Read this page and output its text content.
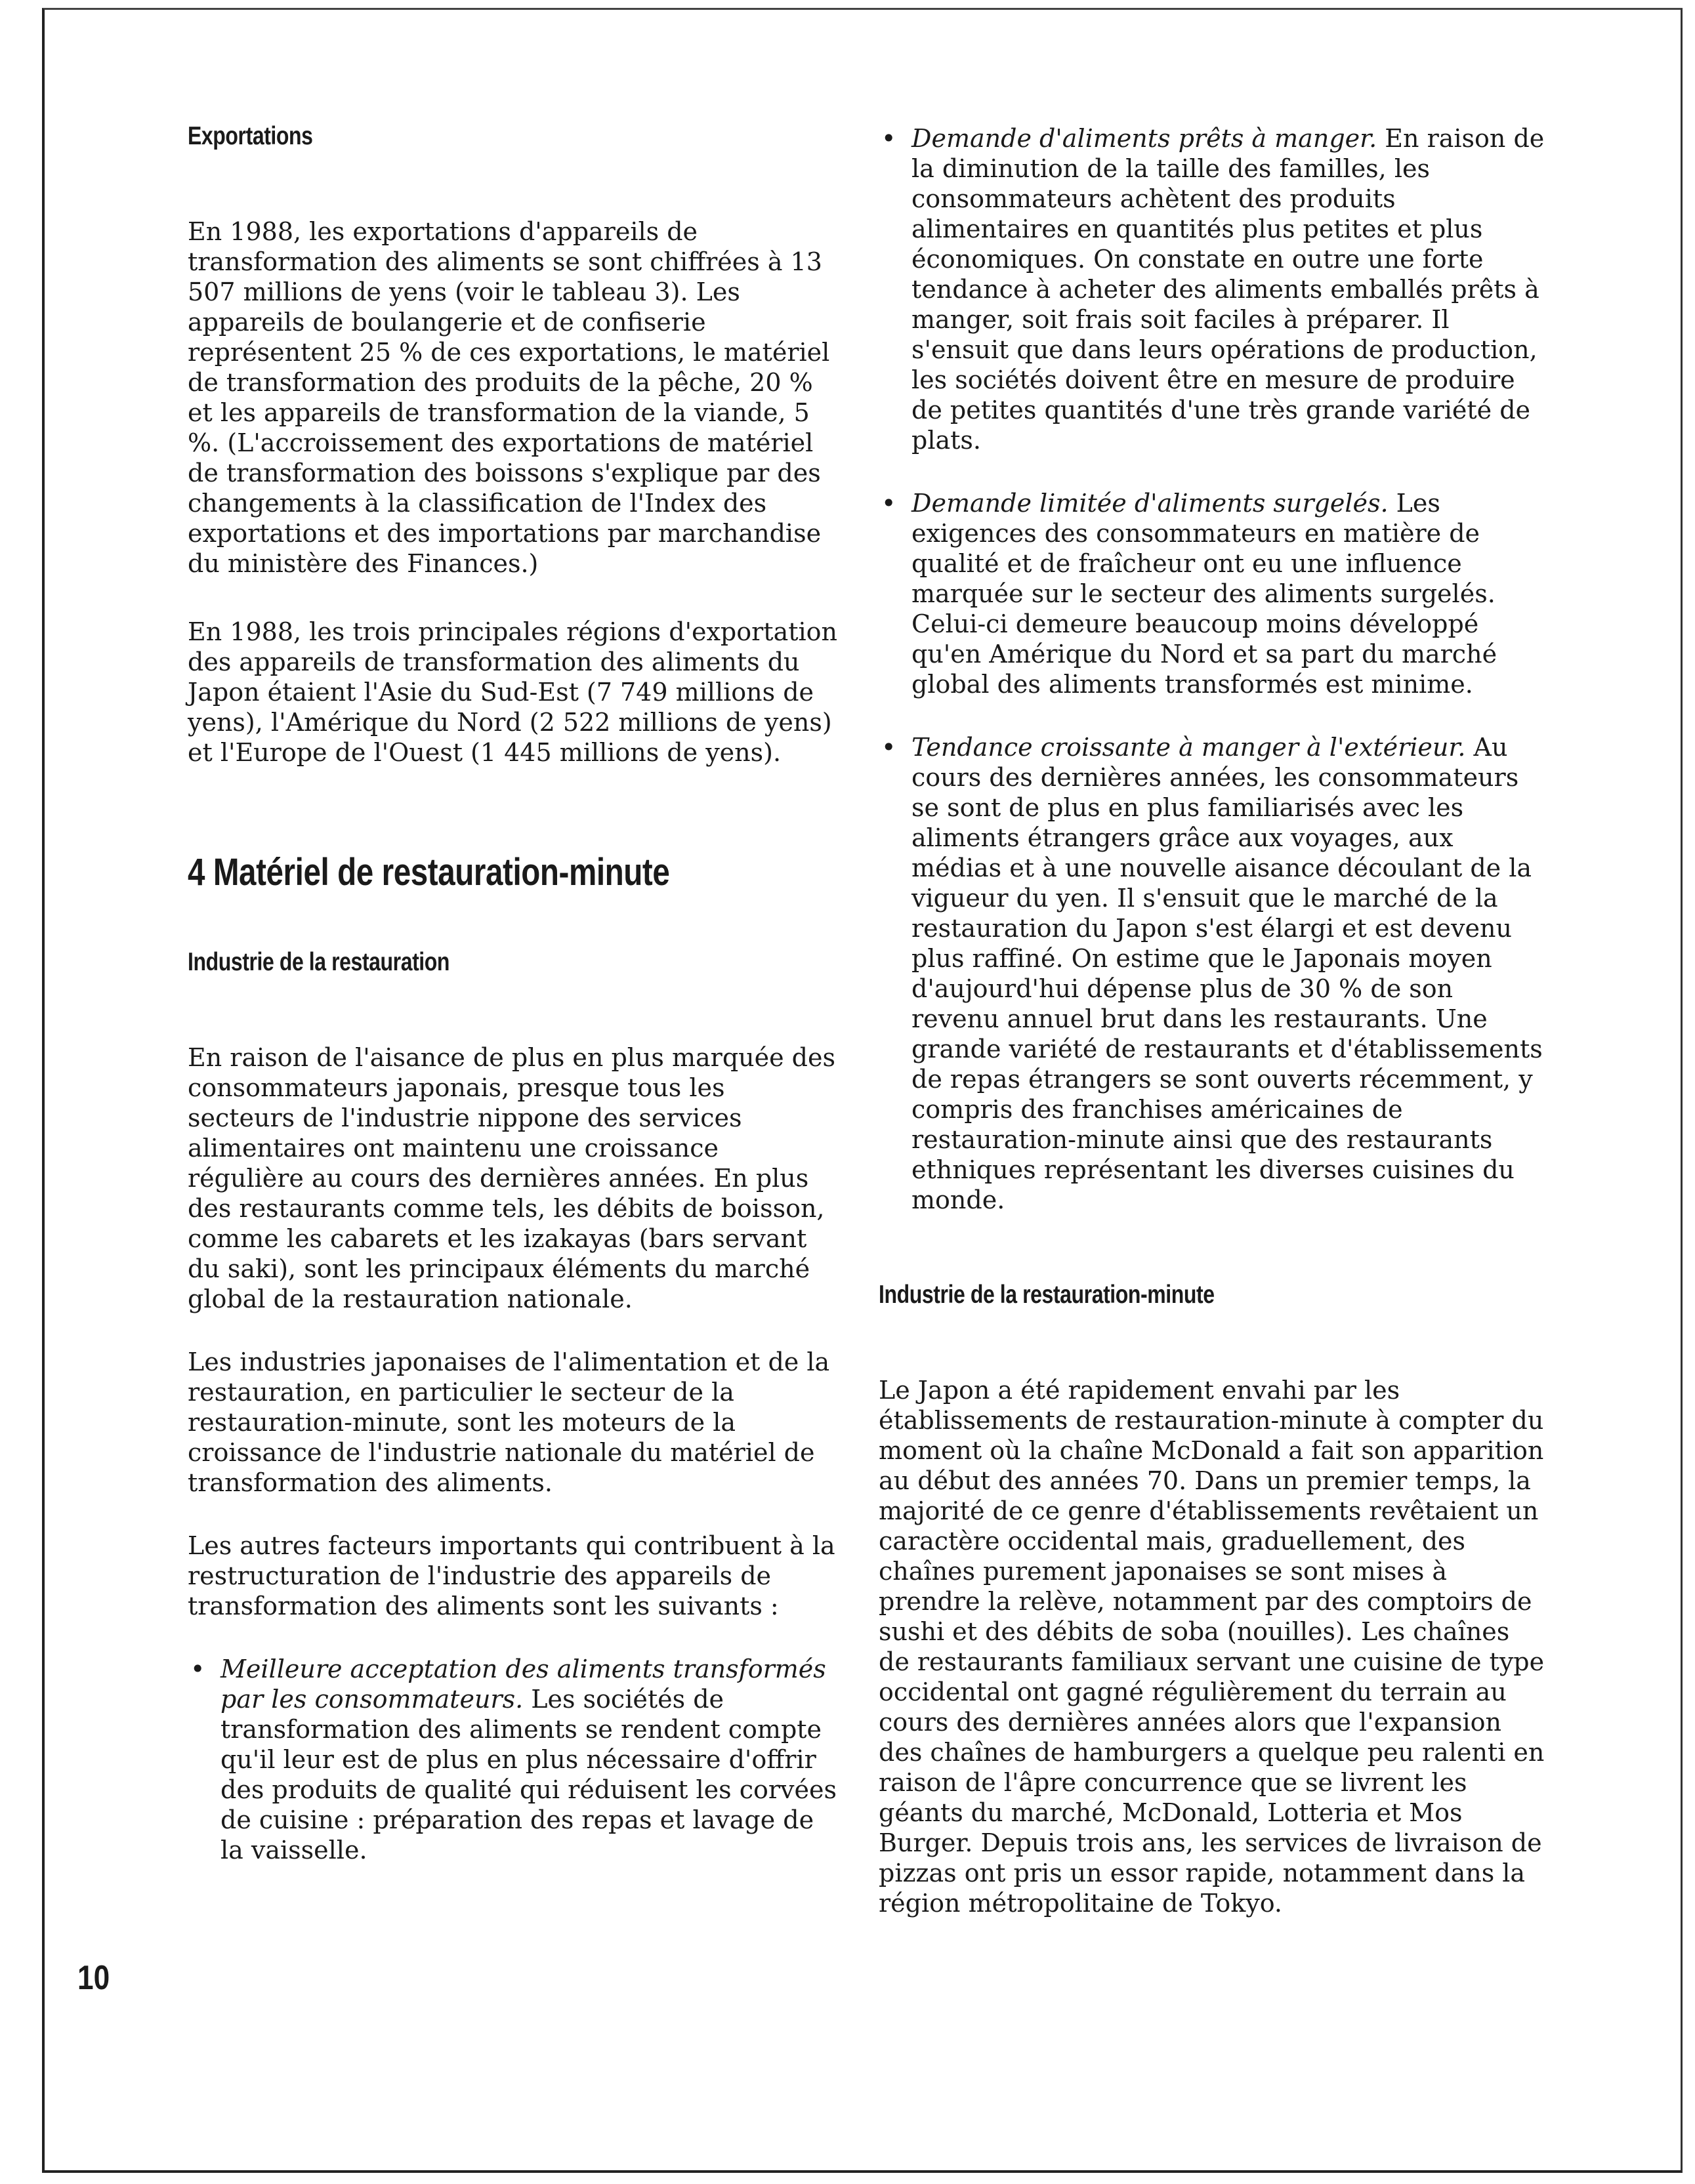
Exportations

En 1988, les exportations d'appareils de transformation des aliments se sont chiffrées à 13 507 millions de yens (voir le tableau 3). Les appareils de boulangerie et de confiserie représentent 25 % de ces exportations, le matériel de transformation des produits de la pêche, 20 % et les appareils de transformation de la viande, 5 %. (L'accroissement des exportations de matériel de transformation des boissons s'explique par des changements à la classification de l'Index des exportations et des importations par marchandise du ministère des Finances.)

En 1988, les trois principales régions d'exportation des appareils de transformation des aliments du Japon étaient l'Asie du Sud-Est (7 749 millions de yens), l'Amérique du Nord (2 522 millions de yens) et l'Europe de l'Ouest (1 445 millions de yens).

4 Matériel de restauration-minute
Industrie de la restauration

En raison de l'aisance de plus en plus marquée des consommateurs japonais, presque tous les secteurs de l'industrie nippone des services alimentaires ont maintenu une croissance régulière au cours des dernières années. En plus des restaurants comme tels, les débits de boisson, comme les cabarets et les izakayas (bars servant du saki), sont les principaux éléments du marché global de la restauration nationale.

Les industries japonaises de l'alimentation et de la restauration, en particulier le secteur de la restauration-minute, sont les moteurs de la croissance de l'industrie nationale du matériel de transformation des aliments.

Les autres facteurs importants qui contribuent à la restructuration de l'industrie des appareils de transformation des aliments sont les suivants :

• Meilleure acceptation des aliments transformés par les consommateurs. Les sociétés de transformation des aliments se rendent compte qu'il leur est de plus en plus nécessaire d'offrir des produits de qualité qui réduisent les corvées de cuisine : préparation des repas et lavage de la vaisselle.

• Demande d'aliments prêts à manger. En raison de la diminution de la taille des familles, les consommateurs achètent des produits alimentaires en quantités plus petites et plus économiques. On constate en outre une forte tendance à acheter des aliments emballés prêts à manger, soit frais soit faciles à préparer. Il s'ensuit que dans leurs opérations de production, les sociétés doivent être en mesure de produire de petites quantités d'une très grande variété de plats.

• Demande limitée d'aliments surgelés. Les exigences des consommateurs en matière de qualité et de fraîcheur ont eu une influence marquée sur le secteur des aliments surgelés. Celui-ci demeure beaucoup moins développé qu'en Amérique du Nord et sa part du marché global des aliments transformés est minime.

• Tendance croissante à manger à l'extérieur. Au cours des dernières années, les consommateurs se sont de plus en plus familiarisés avec les aliments étrangers grâce aux voyages, aux médias et à une nouvelle aisance découlant de la vigueur du yen. Il s'ensuit que le marché de la restauration du Japon s'est élargi et est devenu plus raffiné. On estime que le Japonais moyen d'aujourd'hui dépense plus de 30 % de son revenu annuel brut dans les restaurants. Une grande variété de restaurants et d'établissements de repas étrangers se sont ouverts récemment, y compris des franchises américaines de restauration-minute ainsi que des restaurants ethniques représentant les diverses cuisines du monde.

Industrie de la restauration-minute

Le Japon a été rapidement envahi par les établissements de restauration-minute à compter du moment où la chaîne McDonald a fait son apparition au début des années 70. Dans un premier temps, la majorité de ce genre d'établissements revêtaient un caractère occidental mais, graduellement, des chaînes purement japonaises se sont mises à prendre la relève, notamment par des comptoirs de sushi et des débits de soba (nouilles). Les chaînes de restaurants familiaux servant une cuisine de type occidental ont gagné régulièrement du terrain au cours des dernières années alors que l'expansion des chaînes de hamburgers a quelque peu ralenti en raison de l'âpre concurrence que se livrent les géants du marché, McDonald, Lotteria et Mos Burger. Depuis trois ans, les services de livraison de pizzas ont pris un essor rapide, notamment dans la région métropolitaine de Tokyo.

10
